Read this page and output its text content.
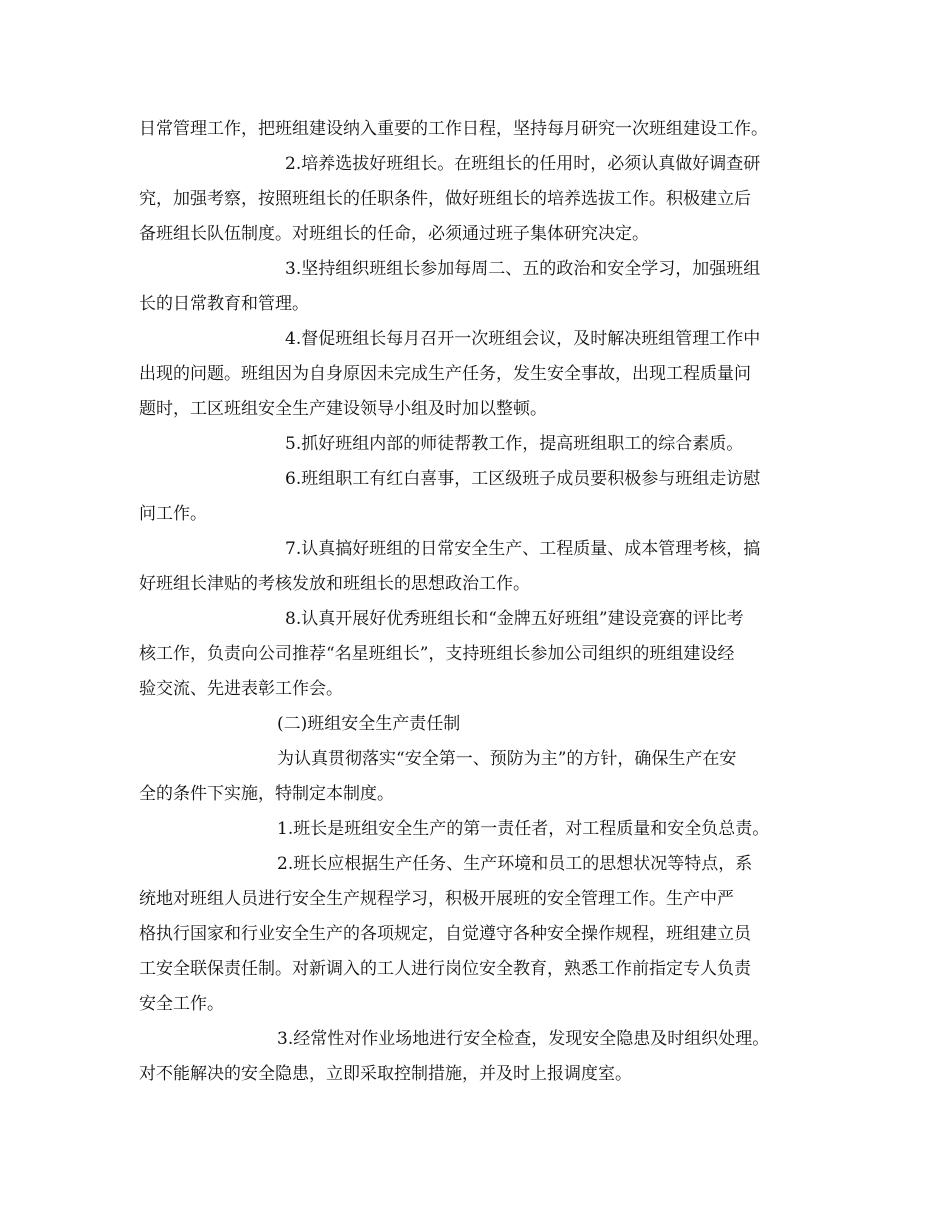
日常管理工作，把班组建设纳入重要的工作日程，坚持每月研究一次班组建设工作。
2.培养选拔好班组长。在班组长的任用时，必须认真做好调查研
究，加强考察，按照班组长的任职条件，做好班组长的培养选拔工作。积极建立后
备班组长队伍制度。对班组长的任命，必须通过班子集体研究决定。
3.坚持组织班组长参加每周二、五的政治和安全学习，加强班组
长的日常教育和管理。
4.督促班组长每月召开一次班组会议，及时解决班组管理工作中
出现的问题。班组因为自身原因未完成生产任务，发生安全事故，出现工程质量问
题时，工区班组安全生产建设领导小组及时加以整顿。
5.抓好班组内部的师徒帮教工作，提高班组职工的综合素质。
6.班组职工有红白喜事，工区级班子成员要积极参与班组走访慰
问工作。
7.认真搞好班组的日常安全生产、工程质量、成本管理考核，搞
好班组长津贴的考核发放和班组长的思想政治工作。
8.认真开展好优秀班组长和“金牌五好班组”建设竞赛的评比考
核工作，负责向公司推荐“名星班组长”，支持班组长参加公司组织的班组建设经
验交流、先进表彰工作会。
(二)班组安全生产责任制
为认真贯彻落实“安全第一、预防为主”的方针，确保生产在安
全的条件下实施，特制定本制度。
1.班长是班组安全生产的第一责任者，对工程质量和安全负总责。
2.班长应根据生产任务、生产环境和员工的思想状况等特点，系
统地对班组人员进行安全生产规程学习，积极开展班的安全管理工作。生产中严
格执行国家和行业安全生产的各项规定，自觉遵守各种安全操作规程，班组建立员
工安全联保责任制。对新调入的工人进行岗位安全教育，熟悉工作前指定专人负责
安全工作。
3.经常性对作业场地进行安全检查，发现安全隐患及时组织处理。
对不能解决的安全隐患，立即采取控制措施，并及时上报调度室。
